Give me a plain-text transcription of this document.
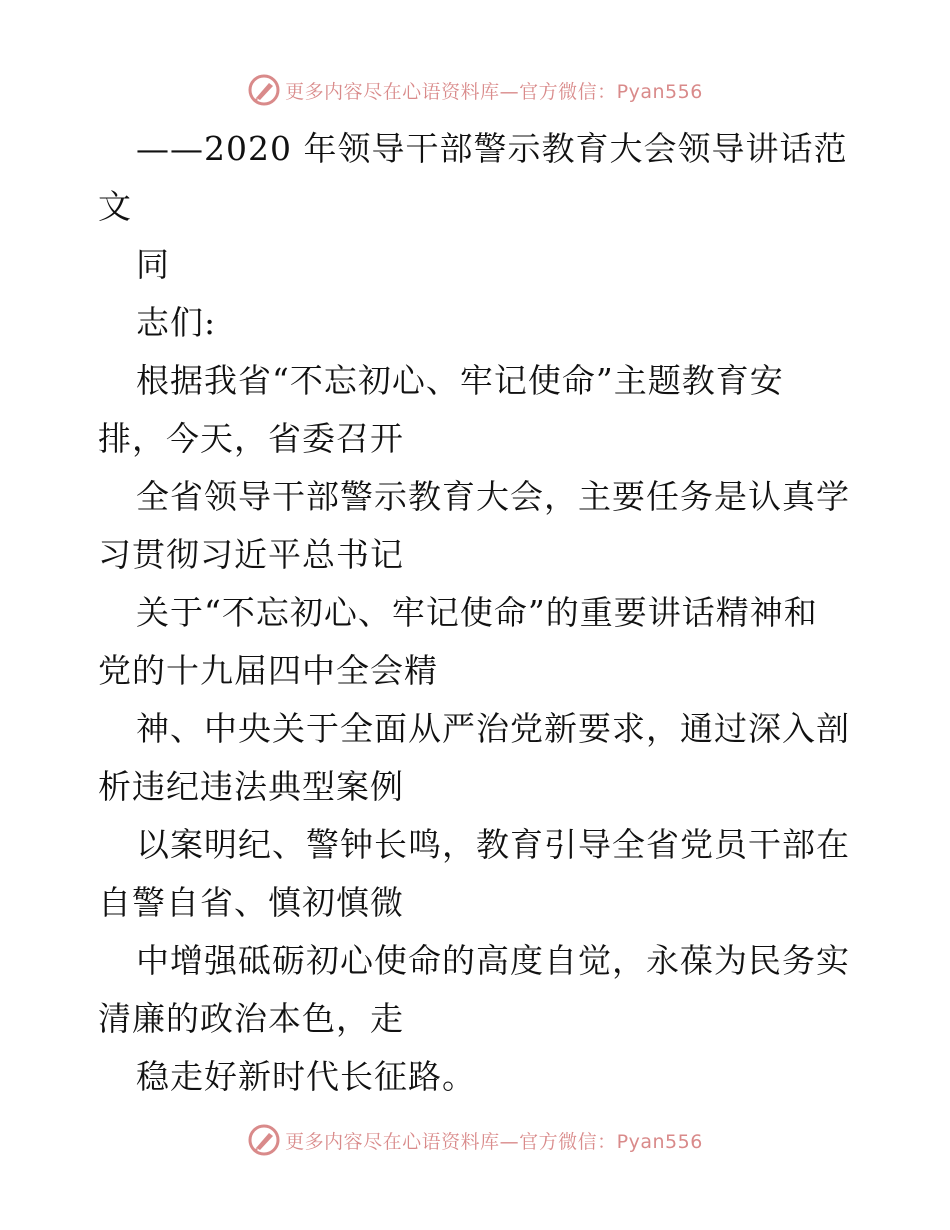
更多内容尽在心语资料库—官方微信：Pyan556
——2020 年领导干部警示教育大会领导讲话范
文
同
志们:
根据我省“不忘初心、牢记使命”主题教育安
排，今天，省委召开
全省领导干部警示教育大会，主要任务是认真学
习贯彻习近平总书记
关于“不忘初心、牢记使命”的重要讲话精神和
党的十九届四中全会精
神、中央关于全面从严治党新要求，通过深入剖
析违纪违法典型案例
以案明纪、警钟长鸣，教育引导全省党员干部在
自警自省、慎初慎微
中增强砥砺初心使命的高度自觉，永葆为民务实
清廉的政治本色，走
稳走好新时代长征路。
更多内容尽在心语资料库—官方微信：Pyan556
